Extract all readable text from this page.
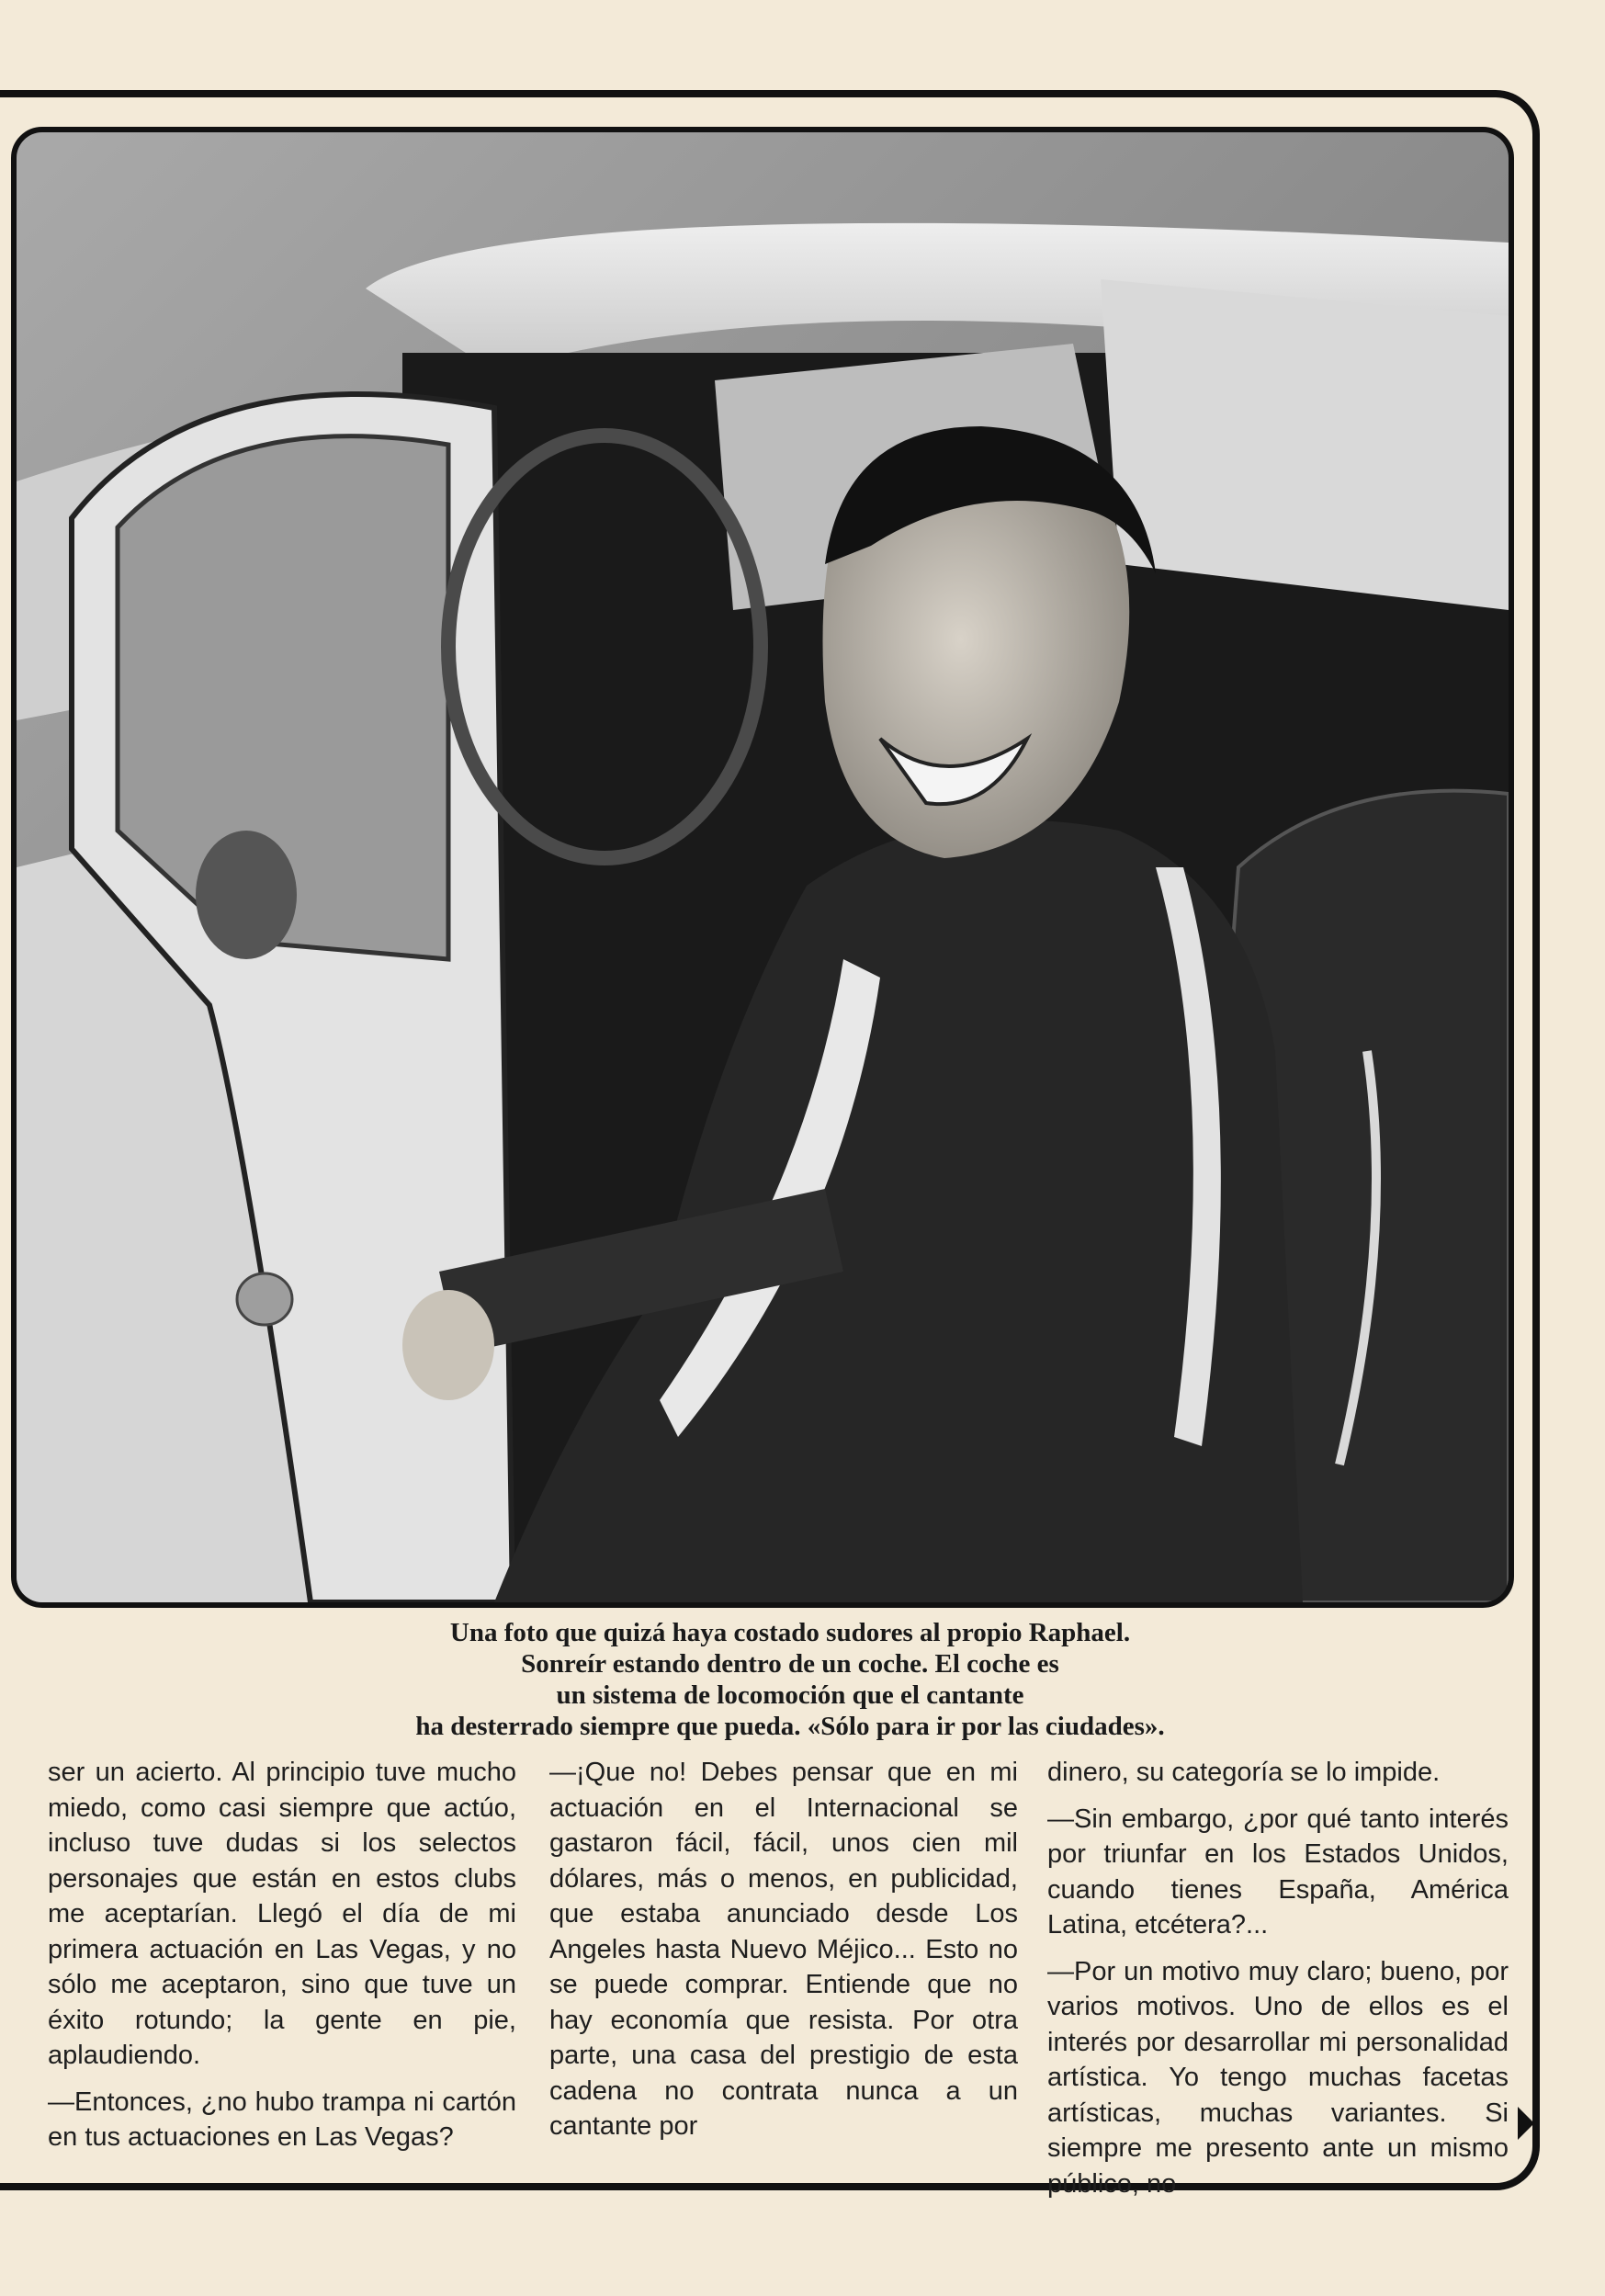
Una foto que quizá haya costado sudores al propio Raphael.
Sonreír estando dentro de un coche. El coche es
un sistema de locomoción que el cantante
ha desterrado siempre que pueda. «Sólo para ir por las ciudades».

ser un acierto. Al principio tuve mucho miedo, como casi siempre que actúo, incluso tuve dudas si los selectos personajes que están en estos clubs me aceptarían. Llegó el día de mi primera actuación en Las Vegas, y no sólo me aceptaron, sino que tuve un éxito rotundo; la gente en pie, aplaudiendo.

—Entonces, ¿no hubo trampa ni cartón en tus actuaciones en Las Vegas?

—¡Que no! Debes pensar que en mi actuación en el Internacional se gastaron fácil, fácil, unos cien mil dólares, más o menos, en publicidad, que estaba anunciado desde Los Angeles hasta Nuevo Méjico... Esto no se puede comprar. Entiende que no hay economía que resista. Por otra parte, una casa del prestigio de esta cadena no contrata nunca a un cantante por

dinero, su categoría se lo impide.

—Sin embargo, ¿por qué tanto interés por triunfar en los Estados Unidos, cuando tienes España, América Latina, etcétera?...

—Por un motivo muy claro; bueno, por varios motivos. Uno de ellos es el interés por desarrollar mi personalidad artística. Yo tengo muchas facetas artísticas, muchas variantes. Si siempre me presento ante un mismo público, no
